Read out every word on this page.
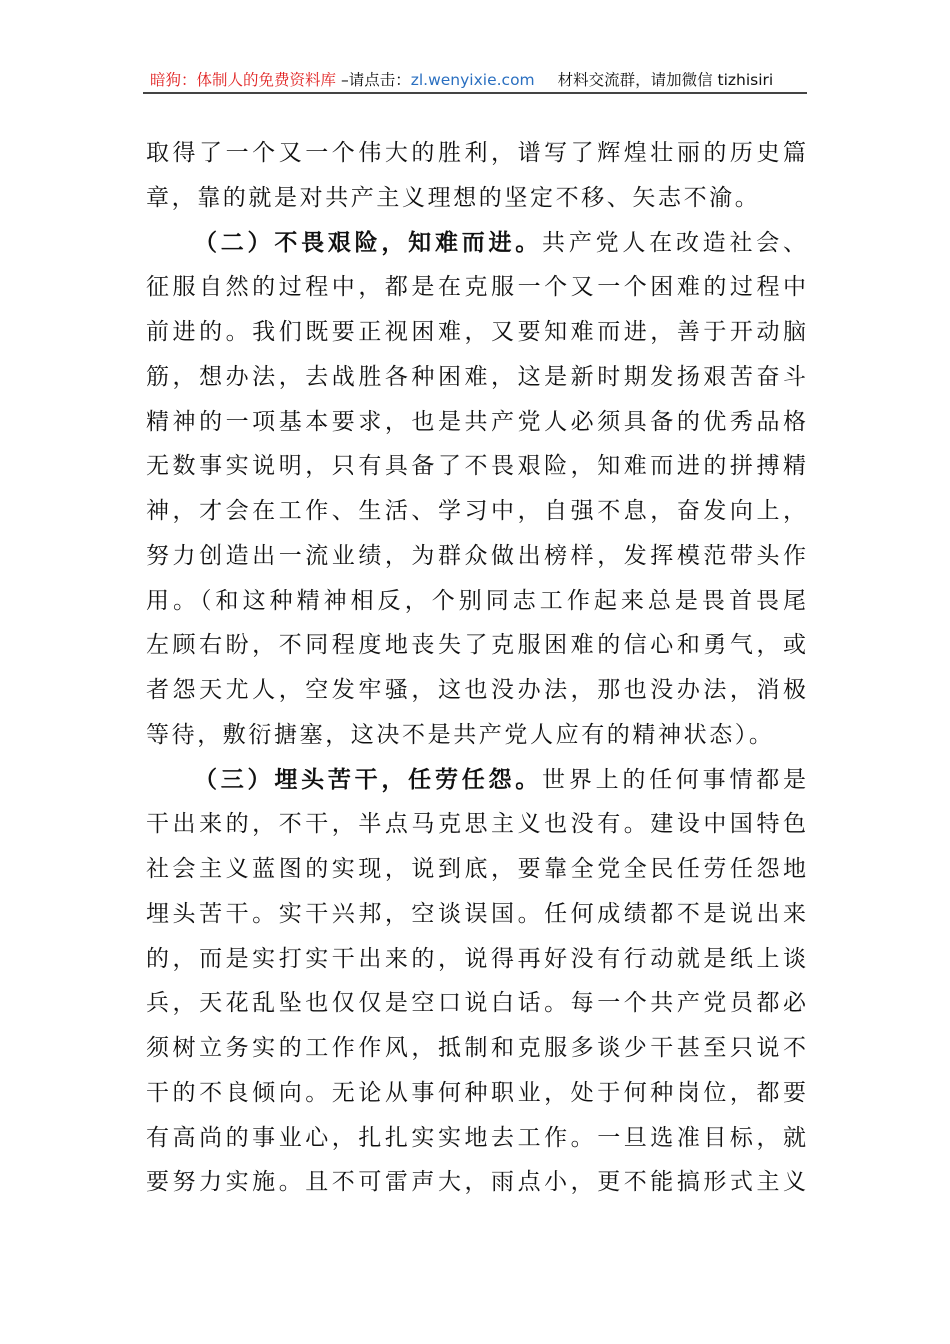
暗狗：体制人的免费资料库 –请点击：zl.wenyixie.com 材料交流群，请加微信 tizhisiri
取得了一个又一个伟大的胜利，谱写了辉煌壮丽的历史篇
章，靠的就是对共产主义理想的坚定不移、矢志不渝。
（二）不畏艰险，知难而进。共产党人在改造社会、
征服自然的过程中，都是在克服一个又一个困难的过程中
前进的。我们既要正视困难，又要知难而进，善于开动脑
筋，想办法，去战胜各种困难，这是新时期发扬艰苦奋斗
精神的一项基本要求，也是共产党人必须具备的优秀品格
无数事实说明，只有具备了不畏艰险，知难而进的拼搏精
神，才会在工作、生活、学习中，自强不息，奋发向上，
努力创造出一流业绩，为群众做出榜样，发挥模范带头作
用。（和这种精神相反，个别同志工作起来总是畏首畏尾
左顾右盼，不同程度地丧失了克服困难的信心和勇气，或
者怨天尤人，空发牢骚，这也没办法，那也没办法，消极
等待，敷衍搪塞，这决不是共产党人应有的精神状态）。
（三）埋头苦干，任劳任怨。世界上的任何事情都是
干出来的，不干，半点马克思主义也没有。建设中国特色
社会主义蓝图的实现，说到底，要靠全党全民任劳任怨地
埋头苦干。实干兴邦，空谈误国。任何成绩都不是说出来
的，而是实打实干出来的，说得再好没有行动就是纸上谈
兵，天花乱坠也仅仅是空口说白话。每一个共产党员都必
须树立务实的工作作风，抵制和克服多谈少干甚至只说不
干的不良倾向。无论从事何种职业，处于何种岗位，都要
有高尚的事业心，扎扎实实地去工作。一旦选准目标，就
要努力实施。且不可雷声大，雨点小，更不能搞形式主义
